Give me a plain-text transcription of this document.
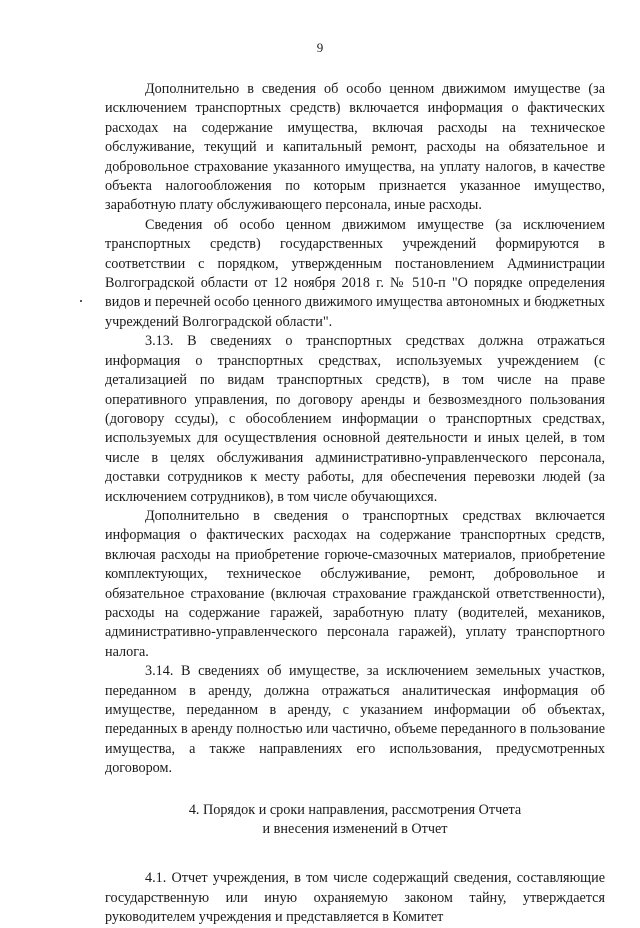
9

Дополнительно в сведения об особо ценном движимом имуществе (за исключением транспортных средств) включается информация о фактических расходах на содержание имущества, включая расходы на техническое обслуживание, текущий и капитальный ремонт, расходы на обязательное и добровольное страхование указанного имущества, на уплату налогов, в качестве объекта налогообложения по которым признается указанное имущество, заработную плату обслуживающего персонала, иные расходы.

Сведения об особо ценном движимом имуществе (за исключением транспортных средств) государственных учреждений формируются в соответствии с порядком, утвержденным постановлением Администрации Волгоградской области от 12 ноября 2018 г. № 510-п "О порядке определения видов и перечней особо ценного движимого имущества автономных и бюджетных учреждений Волгоградской области".

3.13. В сведениях о транспортных средствах должна отражаться информация о транспортных средствах, используемых учреждением (с детализацией по видам транспортных средств), в том числе на праве оперативного управления, по договору аренды и безвозмездного пользования (договору ссуды), с обособлением информации о транспортных средствах, используемых для осуществления основной деятельности и иных целей, в том числе в целях обслуживания административно-управленческого персонала, доставки сотрудников к месту работы, для обеспечения перевозки людей (за исключением сотрудников), в том числе обучающихся.

Дополнительно в сведения о транспортных средствах включается информация о фактических расходах на содержание транспортных средств, включая расходы на приобретение горюче-смазочных материалов, приобретение комплектующих, техническое обслуживание, ремонт, добровольное и обязательное страхование (включая страхование гражданской ответственности), расходы на содержание гаражей, заработную плату (водителей, механиков, административно-управленческого персонала гаражей), уплату транспортного налога.

3.14. В сведениях об имуществе, за исключением земельных участков, переданном в аренду, должна отражаться аналитическая информация об имуществе, переданном в аренду, с указанием информации об объектах, переданных в аренду полностью или частично, объеме переданного в пользование имущества, а также направлениях его использования, предусмотренных договором.

4. Порядок и сроки направления, рассмотрения Отчета
и внесения изменений в Отчет

4.1. Отчет учреждения, в том числе содержащий сведения, составляющие государственную или иную охраняемую законом тайну, утверждается руководителем учреждения и представляется в Комитет
